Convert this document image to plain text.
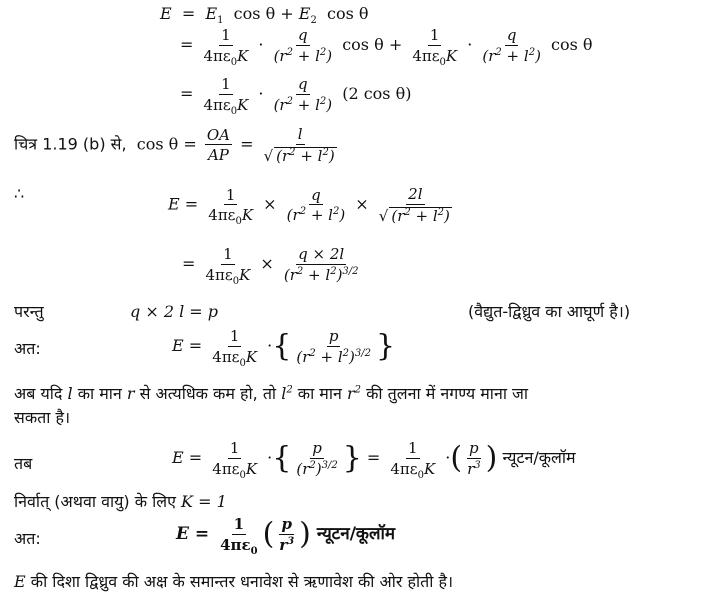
$E = E_1$ $\cos \theta + E_2$ cos θ
= $\frac{1}{4\pi\varepsilon_0K} \cdot \frac{q}{(r^2 + l^2)}$ $\cos \theta + \frac{1}{4\pi\varepsilon_0K} \cdot \frac{q}{(r^2 + l^2)}$ cos θ
= $\frac{1}{4\pi\varepsilon_0K} \cdot \frac{q}{(r^2 + l^2)} (2$ cos θ)
चित्र 1.19 (b) से, $\cos \theta = \frac{OA}{AP} = \frac{l}{√ (r^2 + l^2)}$
∴
$E = \frac{1}{4\pi\varepsilon_0K} \times \frac{q}{(r^2 + l^2)} \times \frac{2l}{√ (r^2 + l^2)}$
= $\frac{1}{4\pi\varepsilon_0K} \times \frac{q \times 2l}{(r^2 + l^2)^{3/2}}$
परन्तु	q × 2 l = p	(वैद्युत-द्विध्रुव का आघूर्ण है।)
अत:	$E = \frac{1}{4\pi\varepsilon_0K}$ ·{ $\frac{p}{(r^2 + l^2)^{3/2}}$ }
अब यदि l का मान r से अत्यधिक कम हो, तो $l^2$ का मान $r^2$ की तुलना में नगण्य माना जा
सकता है।
तब	$E = \frac{1}{4\pi\varepsilon_0K}$ ·{ $\frac{p}{(r^2)^{3/2}}$ } = $\frac{1}{4\pi\varepsilon_0K}$ ·( $\frac{p}{r^3}$ ) न्यूटन/कूलॉम
निर्वात् (अथवा वायु) के लिए K = 1
अत:	$E = \frac{1}{4\pi\varepsilon_0}$ ( $\frac{p}{r^3}$ ) न्यूटन/कूलॉम
E की दिशा द्विध्रुव की अक्ष के समान्तर धनावेश से ऋणावेश की ओर होती है।
